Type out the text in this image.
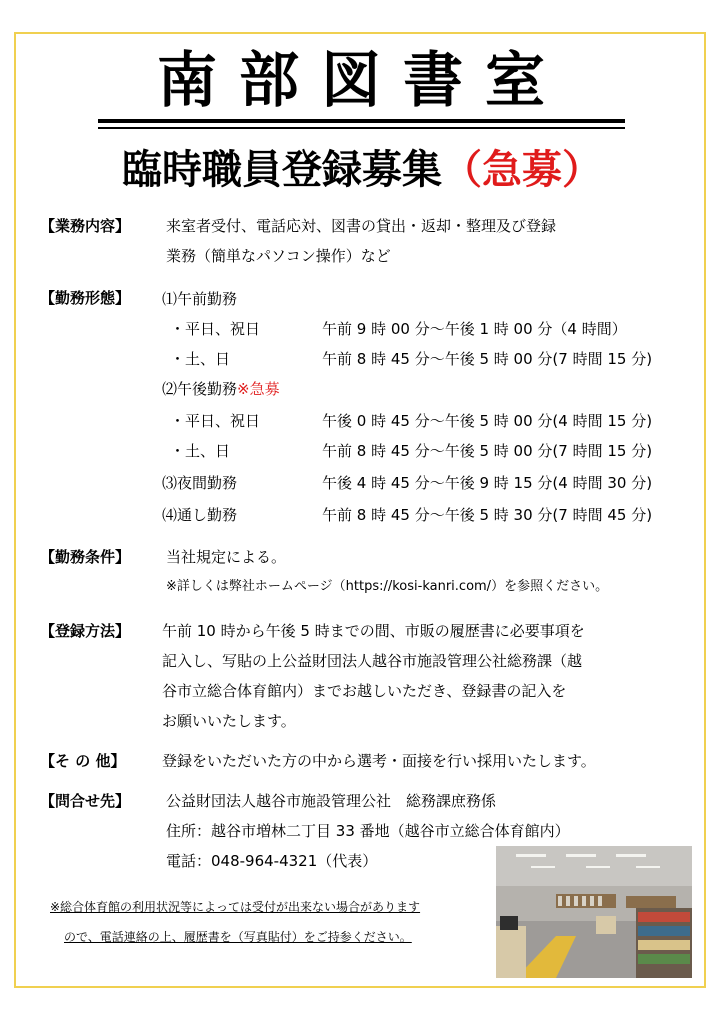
南部図書室
臨時職員登録募集（急募）
【業務内容】 来室者受付、電話応対、図書の貸出・返却・整理及び登録
業務（簡単なパソコン操作）など
【勤務形態】 ⑴午前勤務
・平日、祝日	午前 9 時 00 分～午後 1 時 00 分（4 時間）
・土、日	午前 8 時 45 分～午後 5 時 00 分(7 時間 15 分)
⑵午後勤務※急募
・平日、祝日	午後 0 時 45 分～午後 5 時 00 分(4 時間 15 分)
・土、日	午前 8 時 45 分～午後 5 時 00 分(7 時間 15 分)
⑶夜間勤務	午後 4 時 45 分～午後 9 時 15 分(4 時間 30 分)
⑷通し勤務	午前 8 時 45 分～午後 5 時 30 分(7 時間 45 分)
【勤務条件】 当社規定による。
※詳しくは弊社ホームページ（https://kosi-kanri.com/）を参照ください。
【登録方法】 午前 10 時から午後 5 時までの間、市販の履歴書に必要事項を
記入し、写貼の上公益財団法人越谷市施設管理公社総務課（越
谷市立総合体育館内）までお越しいただき、登録書の記入を
お願いいたします。
【そ の 他】 登録をいただいた方の中から選考・面接を行い採用いたします。
【問合せ先】 公益財団法人越谷市施設管理公社　総務課庶務係
住所：越谷市増林二丁目 33 番地（越谷市立総合体育館内）
電話：048-964-4321（代表）
※総合体育館の利用状況等によっては受付が出来ない場合があります
ので、電話連絡の上、履歴書を（写真貼付）をご持参ください。
